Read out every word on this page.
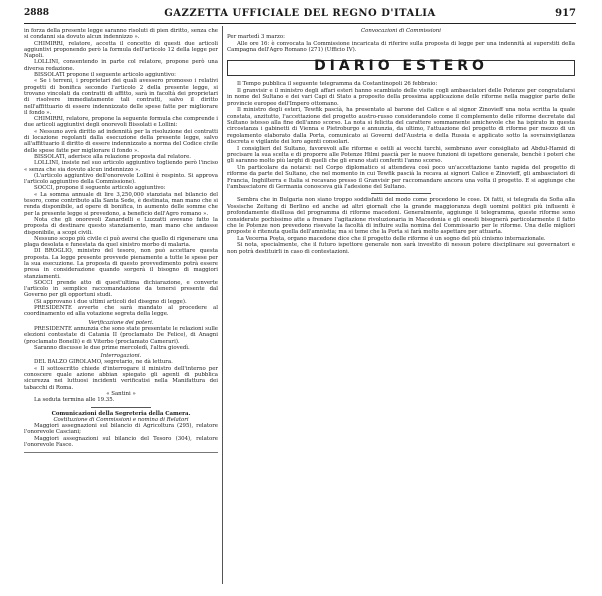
2888	GAZZETTA UFFICIALE DEL REGNO D'ITALIA	917

in forza della presente legge saranno risoluti di pien diritto, senza che si condanni sia dovuto alcun indennizzo ».

CHIMIRRI, relatore, accetta il concetto di questi due articoli aggiuntivi proponendo però la formula dell'articolo 12 della legge per Napoli.

LOLLINI, consentendo in parte col relatore, propone però una diversa redazione.

BISSOLATI propone il seguente articolo aggiuntivo:

« Se i terreni, i proprietari dei quali avessero promosso i relativi progetti di bonifica secondo l'articolo 2 della presente legge, si trovano vincolati da contratti di affitto, sarà in facoltà dei proprietari di risolvere immediatamente tali contratti, salvo il diritto nell'affittuario di essere indennizzato delle spese fatte per migliorare il fondo ».

CHIMIRRI, relatore, propone la seguente formula che comprende i due articoli aggiuntivi degli onorevoli Bissolati e Lollini:

« Nessuno avrà diritto ad indennità per la risoluzione dei contratti di locazione regolanti dalla esecuzione della presente legge, salvo all'affittuario il diritto di essere indennizzato a norma del Codice civile delle spese fatte per migliorare il fondo ».

BISSOLATI, aderisce alla relazione proposta dal relatore.

LOLLINI, insiste nel suo articolo aggiuntivo togliendo però l'inciso « senza che sia dovuto alcun indennizzo ».

(L'articolo aggiuntivo dell'onorevole Lollini è respinto. Si approva l'articolo aggiuntivo della Commissione).

SOCCI, propone il seguente articolo aggiuntivo:

« La somma annuale di lire 3,250,000 stanziata nel bilancio del tesoro, come contributo alla Santa Sede, è destinata, man mano che si renda disponibile, ad opere di bonifica, in aumento delle somme che per la presente legge si prevedono, a beneficio dell'Agro romano ».

Nota che gli onorevoli Zanardelli e Luzzatti avevano fatto la proposta di destinare questo stanziamento, man mano che andasse disponibile, a scopi civili.

Nessuno scopo più civile ci può aversi che quello di rigenerare una plaga desolata e funestata da quel sinistro morbo di malaria.

DI BROGLIO, ministro del tesoro, non può accettare questa proposta. La legge presente provvede pienamente a tutte le spese per la sua esecuzione. La proposta di questo provvedimento potrà essere presa in considerazione quando sorgerà il bisogno di maggiori stanziamenti.

SOCCI prende atto di quest'ultima dichiarazione, e converte l'articolo in semplice raccomandazione da tenersi presente dal Governo per gli opportuni studi.

(Si approvano i due ultimi articoli del disegno di legge).

PRESIDENTE avverte che sarà mandato al procedere al coordinamento ed alla votazione segreta della legge.

Verificazione dei poteri.

PRESIDENTE annunzia che sono state presentate le relazioni sulle elezioni contestate di Catania II (proclamato De Felice), di Anagni (proclamato Bonelli) e di Viterbo (proclamato Camerari).

Saranno discusse le due prime mercoledì, l'altra giovedì.

Interrogazioni.

DEL BALZO GIROLAMO, segretario, ne dà lettura.

« Il sottoscritto chiede d'interrogare il ministro dell'interno per conoscere quale azione abbian spiegato gli agenti di pubblica sicurezza nei luttuosi incidenti verificatisi nella Manifattura dei tabacchi di Roma.

« Santini »

La seduta termina alle 19.35.

Comunicazioni della Segreteria della Camera.

Costituzione di Commissioni e nomina di Relatori

Maggiori assegnazioni sul bilancio di Agricoltura (295), relatore l'onorevole Casciani;

Maggiori assegnazioni sul bilancio del Tesoro (304), relatore l'onorevole Fasce.

Convocazioni di Commissioni

Per martedì 3 marzo:

Alle ore 16: è convocata la Commissione incaricata di riferire sulla proposta di legge per una indennità ai superstiti della Campagna dell'Agro Romano (271) (Ufficio IV).

DIARIO ESTERO

Il Tempo pubblica il seguente telegramma da Costantinopoli 26 febbraio:

Il granvisir e il ministro degli affari esteri hanno scambiato delle visite cogli ambasciatori delle Potenze per congratularsi in nome del Sultano e dei vari Capi di Stato a proposito della prossima applicazione delle riforme nella maggior parte delle provincie europee dell'Impero ottomano.

Il ministro degli esteri, Tewfik pascià, ha presentato al barone del Calice e al signor Zinovieff una nota scritta la quale constata, anzitutto, l'accettazione del progetto austro-russo considerandolo come il complemento delle riforme decretate dal Sultano istesso alla fine dell'anno scorso. La nota si felicita del carattere sommamente amichevole che ha ispirato in questa circostanza i gabinetti di Vienna e Pietroburgo e annunzia, da ultimo, l'attuazione del progetto di riforme per mezzo di un regolamento elaborato dalla Porta, comunicato ai Governi dell'Austria e della Russia e applicato sotto la sovrainvigilanza discreta e vigilante dei loro agenti consolari.

I consiglieri del Sultano, favorevoli alle riforme e ostili ai vecchi turchi, sembrano aver consigliato ad Abdul-Hamid di precisare la sua scelta e di proporre alle Potenze Hilmi pascià per le nuove funzioni di ispettore generale, benchè i poteri che gli saranno molto più larghi di quelli che gli erano stati conferiti l'anno scorso.

Un particolare da notarsi: nel Corpo diplomatico si attendeva così poco un'accettazione tanto rapida del progetto di riforme da parte del Sultano, che nel momento in cui Tewfik pascià la recava ai signori Calice e Zinovieff, gli ambasciatori di Francia, Inghilterra e Italia si recavano presso il Granvisir per raccomandare ancora una volta il progetto. E si aggiunge che l'ambasciatore di Germania conosceva già l'adesione del Sultano.

Sembra che in Bulgaria non siano troppo soddisfatti del modo come procedono le cose. Di fatti, si telegrafa da Sofia alla Vossische Zeitung di Berlino ed anche ad altri giornali che la grande maggioranza degli uomini politici più influenti è profondamente disillusa del programma di riforme macedoni. Generalmente, aggiunge il telegramma, queste riforme sono considerate pochissimo atte a frenare l'agitazione rivoluzionaria in Macedonia e gli onesti bisognerà particolarmente il fatto che le Potenze non prevedono risevate la facoltà di influire sulla nomina del Commissario per le riforme. Una delle migliori proposte è ritenuta quella dell'amnistia; ma si teme che la Porta si farà molto aspettare per attuarla.

La Vecerna Poșta, organo macedone dice che il progetto delle riforme è un sogno del più cinismo internazionale.

Si nota, specialmente, che il futuro ispettore generale non sarà investito di nessun potere disciplinare sui governatori e non potrà destituirli in caso di contestazioni.
